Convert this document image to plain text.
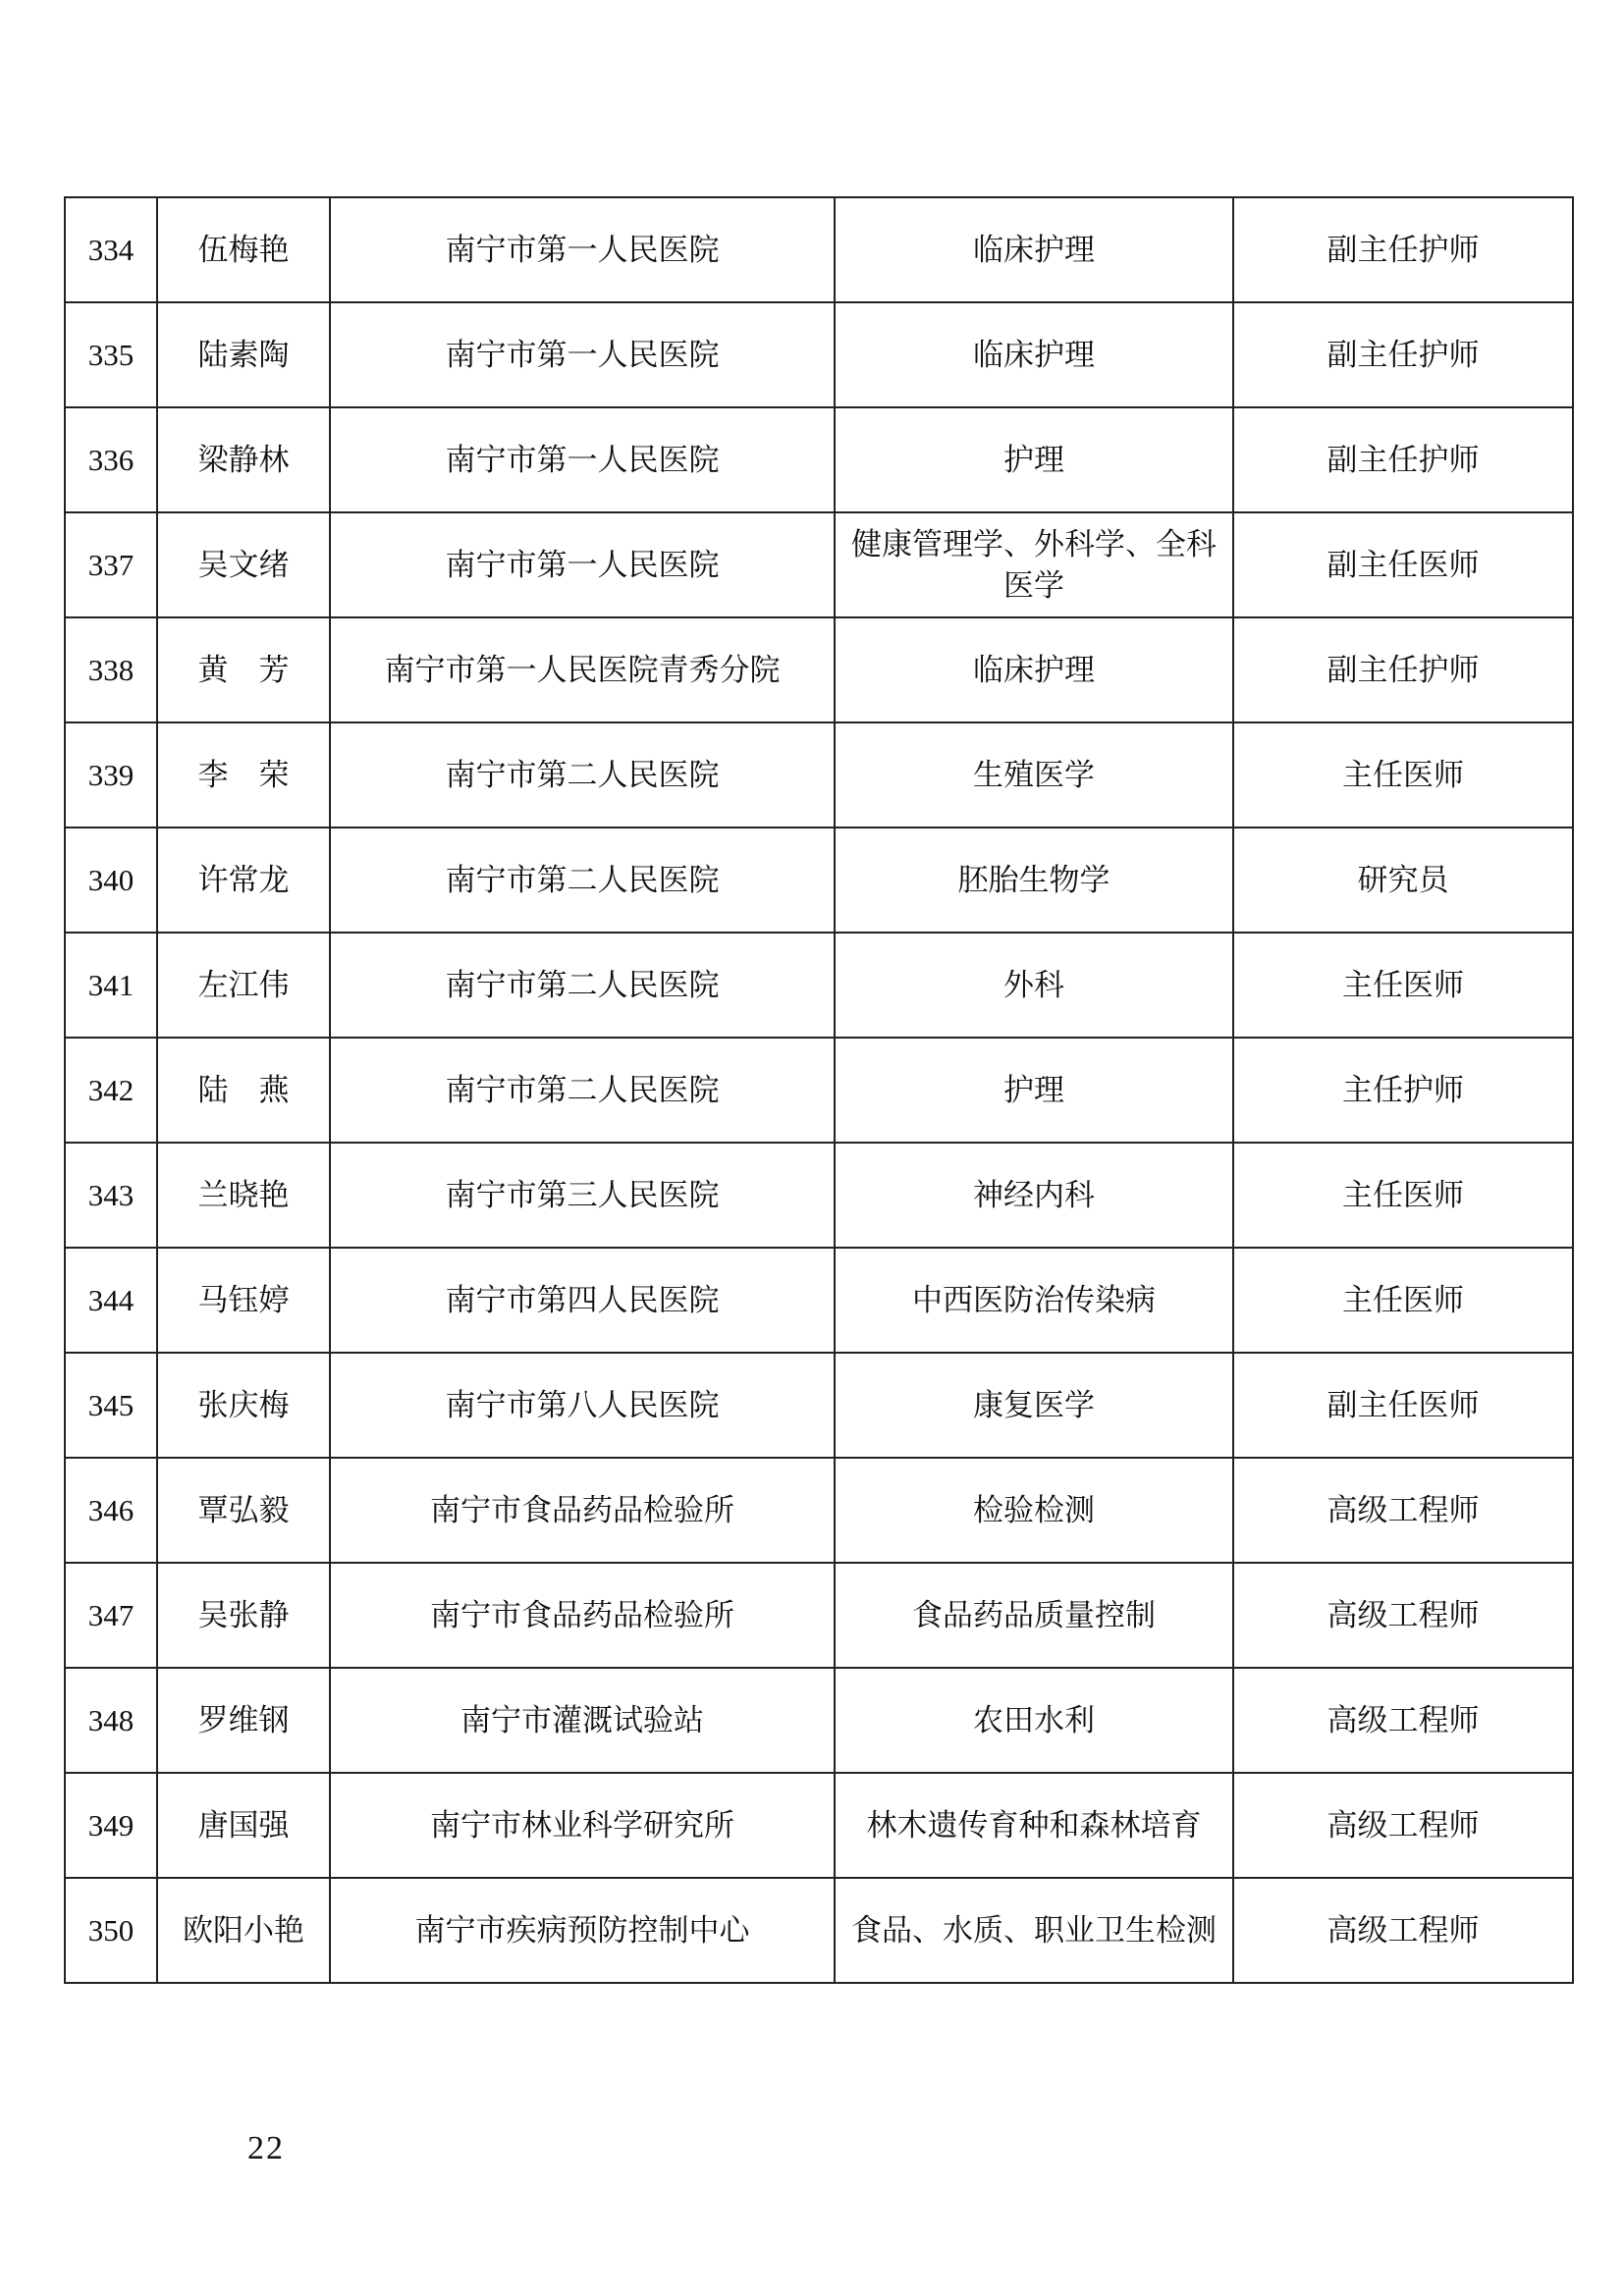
334	伍梅艳	南宁市第一人民医院	临床护理	副主任护师
335	陆素陶	南宁市第一人民医院	临床护理	副主任护师
336	梁静林	南宁市第一人民医院	护理	副主任护师
337	吴文绪	南宁市第一人民医院	健康管理学、外科学、全科医学	副主任医师
338	黄　芳	南宁市第一人民医院青秀分院	临床护理	副主任护师
339	李　荣	南宁市第二人民医院	生殖医学	主任医师
340	许常龙	南宁市第二人民医院	胚胎生物学	研究员
341	左江伟	南宁市第二人民医院	外科	主任医师
342	陆　燕	南宁市第二人民医院	护理	主任护师
343	兰晓艳	南宁市第三人民医院	神经内科	主任医师
344	马钰婷	南宁市第四人民医院	中西医防治传染病	主任医师
345	张庆梅	南宁市第八人民医院	康复医学	副主任医师
346	覃弘毅	南宁市食品药品检验所	检验检测	高级工程师
347	吴张静	南宁市食品药品检验所	食品药品质量控制	高级工程师
348	罗维钢	南宁市灌溉试验站	农田水利	高级工程师
349	唐国强	南宁市林业科学研究所	林木遗传育种和森林培育	高级工程师
350	欧阳小艳	南宁市疾病预防控制中心	食品、水质、职业卫生检测	高级工程师
22
